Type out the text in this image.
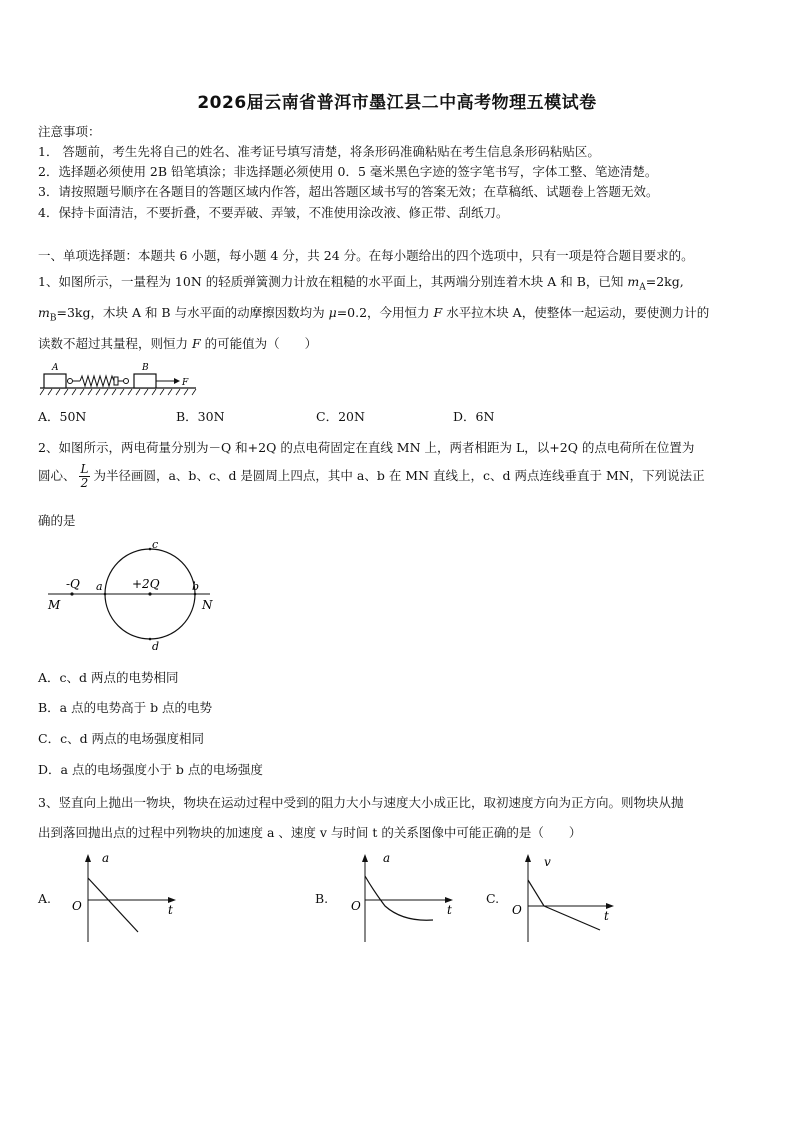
2026届云南省普洱市墨江县二中高考物理五模试卷
注意事项：
1． 答题前，考生先将自己的姓名、准考证号填写清楚，将条形码准确粘贴在考生信息条形码粘贴区。
2．选择题必须使用 2B 铅笔填涂；非选择题必须使用 0．5 毫米黑色字迹的签字笔书写，字体工整、笔迹清楚。
3．请按照题号顺序在各题目的答题区域内作答，超出答题区域书写的答案无效；在草稿纸、试题卷上答题无效。
4．保持卡面清洁，不要折叠，不要弄破、弄皱，不准使用涂改液、修正带、刮纸刀。
一、单项选择题：本题共 6 小题，每小题 4 分，共 24 分。在每小题给出的四个选项中，只有一项是符合题目要求的。
1、如图所示，一量程为 10N 的轻质弹簧测力计放在粗糙的水平面上，其两端分别连着木块 A 和 B，已知 $m_A=2kg$,
$m_B=3kg$，木块 A 和 B 与水平面的动摩擦因数均为 μ=0.2，今用恒力 F 水平拉木块 A，使整体一起运动，要使测力计的
读数不超过其量程，则恒力 F 的可能值为（　　）
A	B
F
A．50N	B．30N	C．20N	D．6N
2、如图所示，两电荷量分别为－Q 和+2Q 的点电荷固定在直线 MN 上，两者相距为 L，以+2Q 的点电荷所在位置为
圆心、 $\frac{L}{2}$ 为半径画圆，a、b、c、d 是圆周上四点，其中 a、b 在 MN 直线上，c、d 两点连线垂直于 MN，下列说法正
确的是
c
d
a	b
-Q	+2Q
M	N
A．c、d 两点的电势相同
B．a 点的电势高于 b 点的电势
C．c、d 两点的电场强度相同
D．a 点的电场强度小于 b 点的电场强度
3、竖直向上抛出一物块，物块在运动过程中受到的阻力大小与速度大小成正比，取初速度方向为正方向。则物块从抛
出到落回抛出点的过程中列物块的加速度 a 、速度 v 与时间 t 的关系图像中可能正确的是（　　）
A.
a
O	t
B.
a
O	t
C.
v
O	t
